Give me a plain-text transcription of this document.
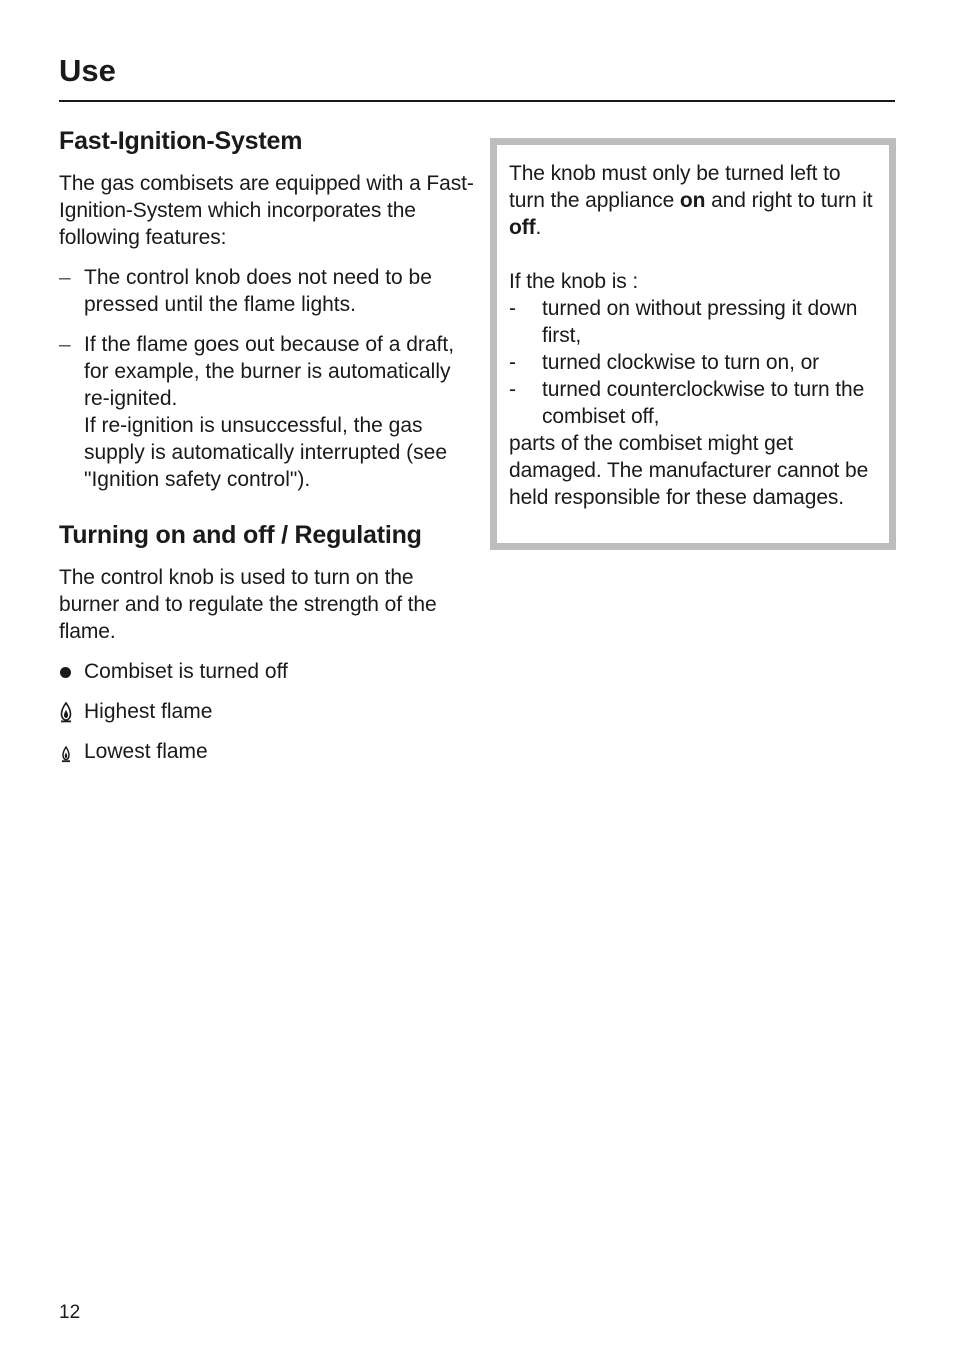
Use
Fast-Ignition-System

The gas combisets are equipped with a Fast-Ignition-System which incorporates the following features:

– The control knob does not need to be pressed until the flame lights.

– If the flame goes out because of a draft, for example, the burner is automatically re-ignited.

If re-ignition is unsuccessful, the gas supply is automatically interrupted (see "Ignition safety control").

Turning on and off / Regulating

The control knob is used to turn on the burner and to regulate the strength of the flame.

Combiset is turned off
Highest flame
Lowest flame

The knob must only be turned left to turn the appliance on and right to turn it off.

If the knob is :

- turned on without pressing it down first,
- turned clockwise to turn on, or
- turned counterclockwise to turn the combiset off,

parts of the combiset might get damaged. The manufacturer cannot be held responsible for these damages.

12
